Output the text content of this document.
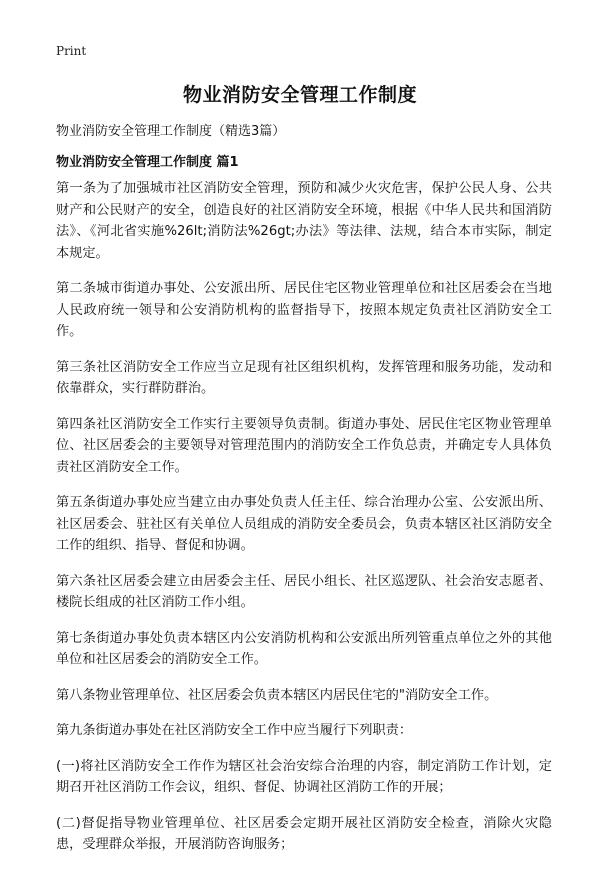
Print
物业消防安全管理工作制度
物业消防安全管理工作制度（精选3篇）
物业消防安全管理工作制度 篇1

第一条为了加强城市社区消防安全管理，预防和减少火灾危害，保护公民人身、公共财产和公民财产的安全，创造良好的社区消防安全环境，根据《中华人民共和国消防法》、《河北省实施%26lt;消防法%26gt;办法》等法律、法规，结合本市实际，制定本规定。

第二条城市街道办事处、公安派出所、居民住宅区物业管理单位和社区居委会在当地人民政府统一领导和公安消防机构的监督指导下，按照本规定负责社区消防安全工作。

第三条社区消防安全工作应当立足现有社区组织机构，发挥管理和服务功能，发动和依靠群众，实行群防群治。

第四条社区消防安全工作实行主要领导负责制。街道办事处、居民住宅区物业管理单位、社区居委会的主要领导对管理范围内的消防安全工作负总责，并确定专人具体负责社区消防安全工作。

第五条街道办事处应当建立由办事处负责人任主任、综合治理办公室、公安派出所、社区居委会、驻社区有关单位人员组成的消防安全委员会，负责本辖区社区消防安全工作的组织、指导、督促和协调。

第六条社区居委会建立由居委会主任、居民小组长、社区巡逻队、社会治安志愿者、楼院长组成的社区消防工作小组。

第七条街道办事处负责本辖区内公安消防机构和公安派出所列管重点单位之外的其他单位和社区居委会的消防安全工作。

第八条物业管理单位、社区居委会负责本辖区内居民住宅的"消防安全工作。

第九条街道办事处在社区消防安全工作中应当履行下列职责：

(一)将社区消防安全工作作为辖区社会治安综合治理的内容，制定消防工作计划，定期召开社区消防工作会议，组织、督促、协调社区消防工作的开展；

(二)督促指导物业管理单位、社区居委会定期开展社区消防安全检查，消除火灾隐患，受理群众举报，开展消防咨询服务；
